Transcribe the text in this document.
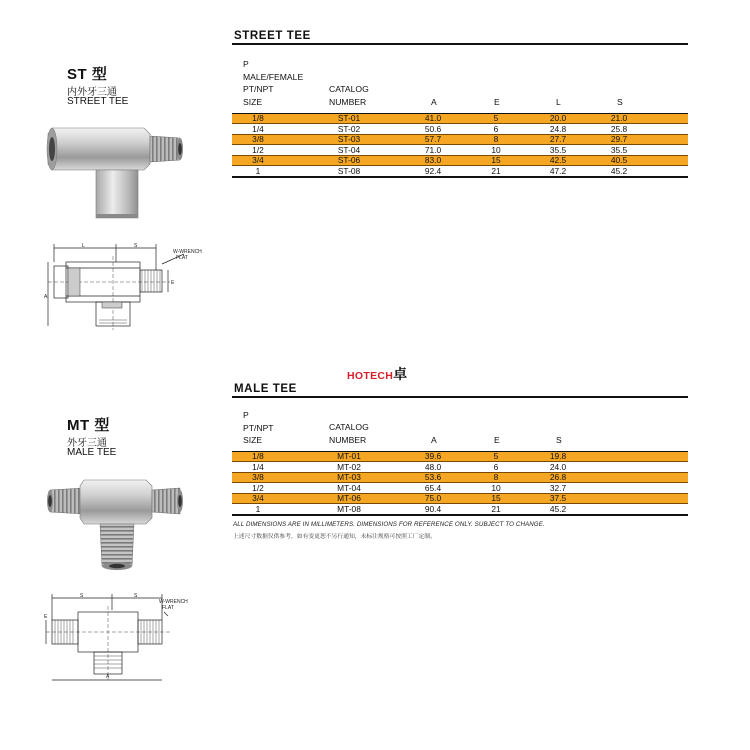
ST 型
内外牙三通
STREET TEE
L	S
W-WRENCH
FLAT
E
A
STREET TEE
P
MALE/FEMALE
PT/NPT
SIZE
CATALOG
NUMBER	A	E	L	S
1/8	ST-01	41.0	5	20.0	21.0
1/4	ST-02	50.6	6	24.8	25.8
3/8	ST-03	57.7	8	27.7	29.7
1/2	ST-04	71.0	10	35.5	35.5
3/4	ST-06	83.0	15	42.5	40.5
1	ST-08	92.4	21	47.2	45.2
HOTECH卓
MT 型
外牙三通
MALE TEE
S	S
W-WRENCH
FLAT
E
A
MALE TEE
P
PT/NPT
SIZE
CATALOG
NUMBER	A	E	S
1/8	MT-01	39.6	5	19.8
1/4	MT-02	48.0	6	24.0
3/8	MT-03	53.6	8	26.8
1/2	MT-04	65.4	10	32.7
3/4	MT-06	75.0	15	37.5
1	MT-08	90.4	21	45.2
ALL DIMENSIONS ARE IN MILLIMETERS. DIMENSIONS FOR REFERENCE ONLY. SUBJECT TO CHANGE.
上述尺寸数据仅供参考，如有变更恕不另行通知，未标注规格可按照工厂定制。
